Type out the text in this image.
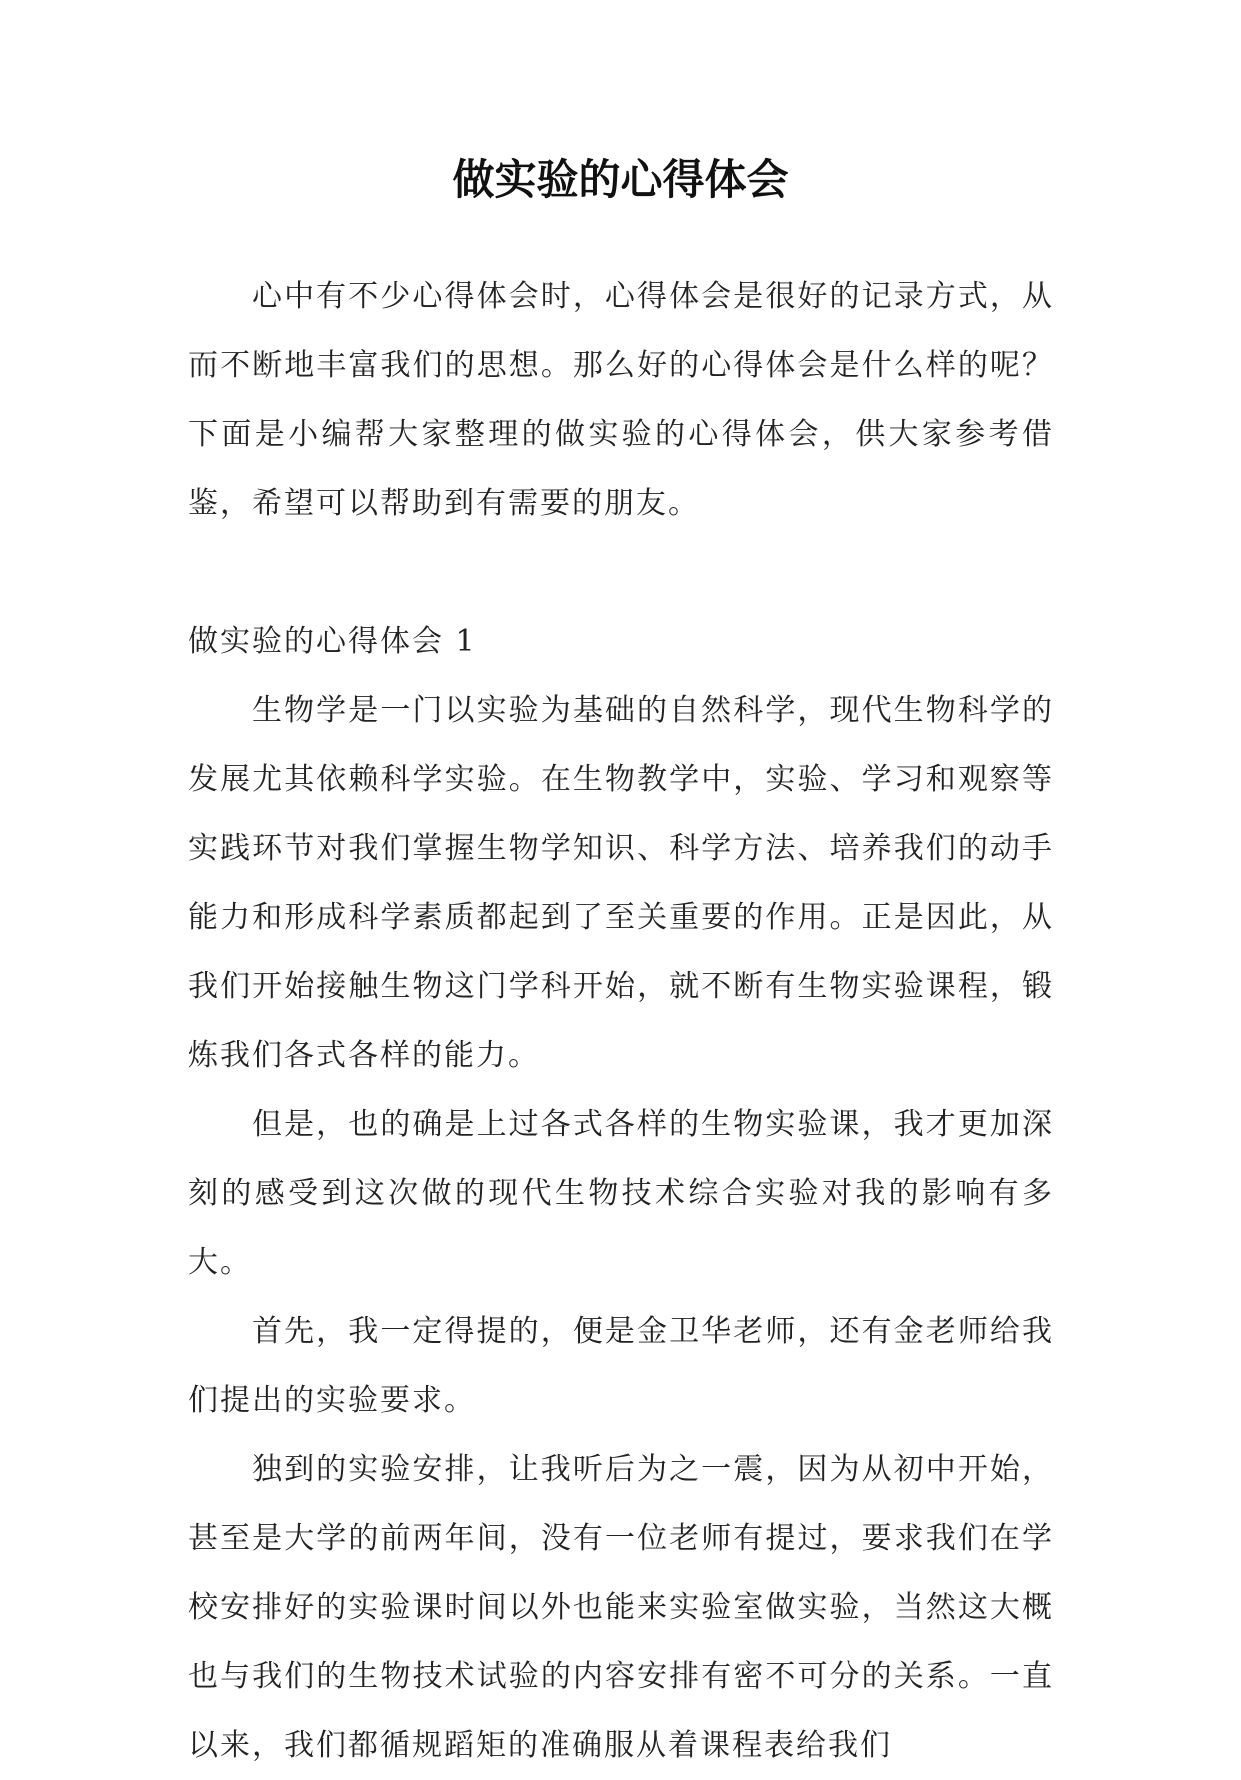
做实验的心得体会

心中有不少心得体会时，心得体会是很好的记录方式，从而不断地丰富我们的思想。那么好的心得体会是什么样的呢？下面是小编帮大家整理的做实验的心得体会，供大家参考借鉴，希望可以帮助到有需要的朋友。

做实验的心得体会 1

生物学是一门以实验为基础的自然科学，现代生物科学的发展尤其依赖科学实验。在生物教学中，实验、学习和观察等实践环节对我们掌握生物学知识、科学方法、培养我们的动手能力和形成科学素质都起到了至关重要的作用。正是因此，从我们开始接触生物这门学科开始，就不断有生物实验课程，锻炼我们各式各样的能力。

但是，也的确是上过各式各样的生物实验课，我才更加深刻的感受到这次做的现代生物技术综合实验对我的影响有多大。

首先，我一定得提的，便是金卫华老师，还有金老师给我们提出的实验要求。

独到的实验安排，让我听后为之一震，因为从初中开始，甚至是大学的前两年间，没有一位老师有提过，要求我们在学校安排好的实验课时间以外也能来实验室做实验，当然这大概也与我们的生物技术试验的内容安排有密不可分的关系。一直以来，我们都循规蹈矩的准确服从着课程表给我们
